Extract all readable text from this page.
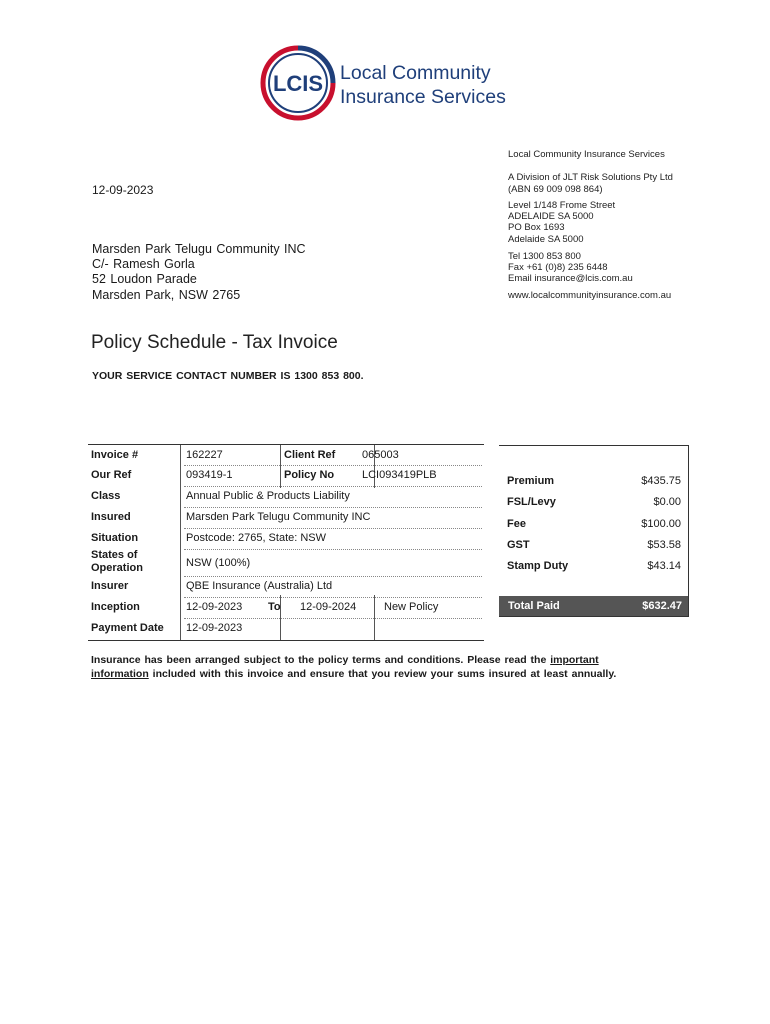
LCIS Local Community
Insurance Services
Local Community Insurance Services
A Division of JLT Risk Solutions Pty Ltd
(ABN 69 009 098 864)
Level 1/148 Frome Street
ADELAIDE SA 5000
PO Box 1693
Adelaide SA 5000
Tel 1300 853 800
Fax +61 (0)8) 235 6448
Email insurance@lcis.com.au
www.localcommunityinsurance.com.au
12-09-2023
Marsden Park Telugu Community INC
C/- Ramesh Gorla
52 Loudon Parade
Marsden Park, NSW 2765
Policy Schedule - Tax Invoice
YOUR SERVICE CONTACT NUMBER IS 1300 853 800.
Invoice #	162227	Client Ref 065003
Our Ref	093419-1	Policy No	LCI093419PLB
Class	Annual Public & Products Liability
Insured	Marsden Park Telugu Community INC
Situation	Postcode: 2765, State: NSW
States of
Operation	NSW (100%)
Insurer	QBE Insurance (Australia) Ltd
Inception	12-09-2023 To 12-09-2024	New Policy
Payment Date 12-09-2023
Premium	$435.75
FSL/Levy	$0.00
Fee	$100.00
GST	$53.58
Stamp Duty	$43.14
Total Paid	$632.47
Insurance has been arranged subject to the policy terms and conditions. Please read the important
information included with this invoice and ensure that you review your sums insured at least annually.
